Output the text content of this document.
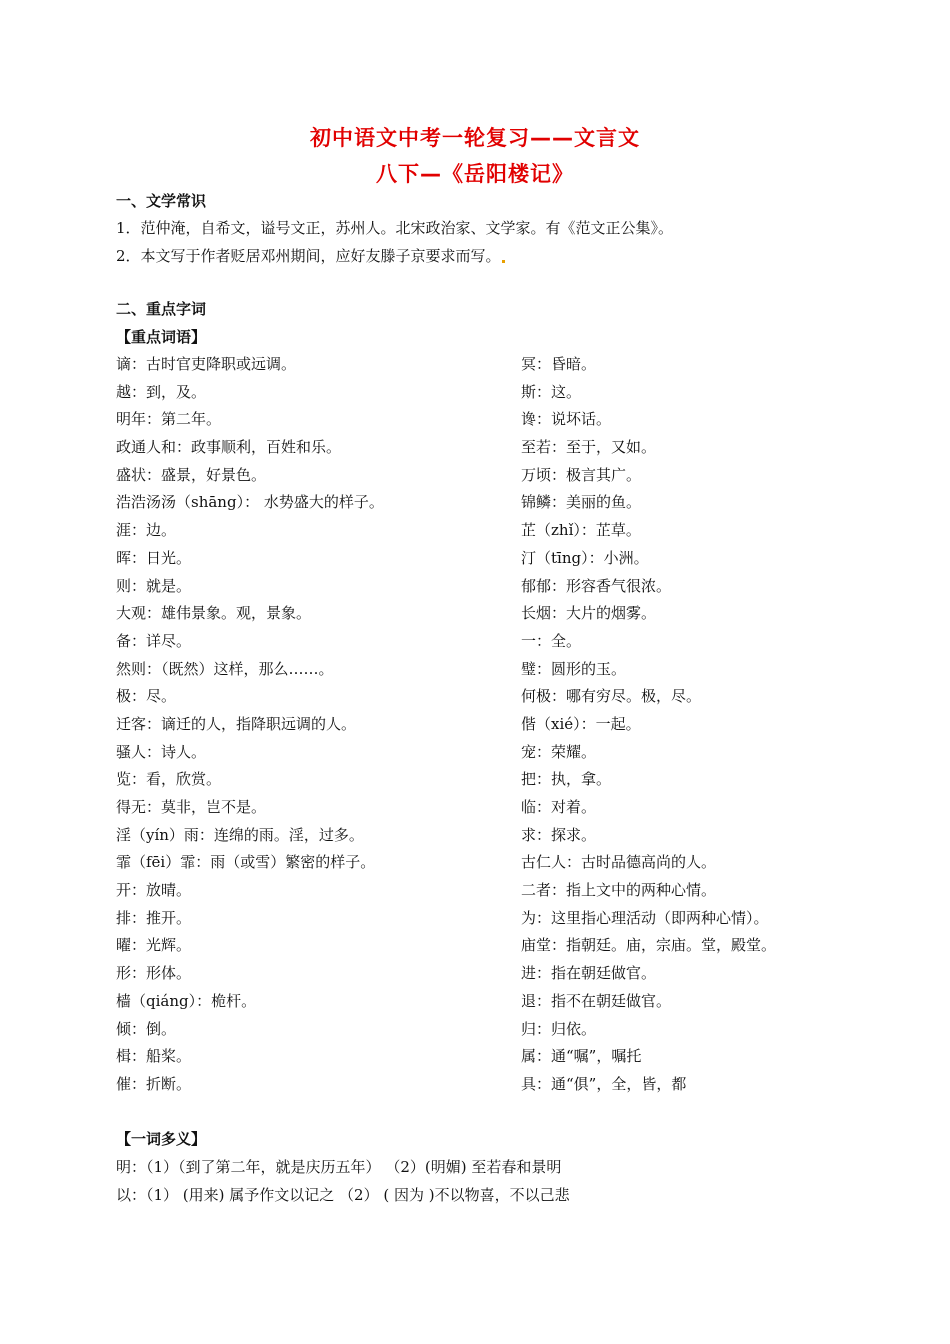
初中语文中考一轮复习——文言文
八下—《岳阳楼记》
一、文学常识
1．范仲淹，自希文，谥号文正，苏州人。北宋政治家、文学家。有《范文正公集》。
2．本文写于作者贬居邓州期间，应好友滕子京要求而写。
二、重点字词
【重点词语】
谪：古时官吏降职或远调。
越：到，及。
明年：第二年。
政通人和：政事顺利，百姓和乐。
盛状：盛景，好景色。
浩浩汤汤（shāng）： 水势盛大的样子。
涯：边。
晖：日光。
则：就是。
大观：雄伟景象。观，景象。
备：详尽。
然则：（既然）这样，那么……。
极：尽。
迁客：谪迁的人，指降职远调的人。
骚人：诗人。
览：看，欣赏。
得无：莫非，岂不是。
淫（yín）雨：连绵的雨。淫，过多。
霏（fēi）霏：雨（或雪）繁密的样子。
开：放晴。
排：推开。
曜：光辉。
形：形体。
樯（qiáng）：桅杆。
倾：倒。
楫：船桨。
催：折断。
冥：昏暗。
斯：这。
谗：说坏话。
至若：至于，又如。
万顷：极言其广。
锦鳞：美丽的鱼。
芷（zhǐ）：芷草。
汀（tīng）：小洲。
郁郁：形容香气很浓。
长烟：大片的烟雾。
一：全。
璧：圆形的玉。
何极：哪有穷尽。极，尽。
偕（xié）：一起。
宠：荣耀。
把：执，拿。
临：对着。
求：探求。
古仁人：古时品德高尚的人。
二者：指上文中的两种心情。
为：这里指心理活动（即两种心情）。
庙堂：指朝廷。庙，宗庙。堂，殿堂。
进：指在朝廷做官。
退：指不在朝廷做官。
归：归依。
属：通“嘱”，嘱托
具：通“俱”，全，皆，都
【一词多义】
明：（1）（到了第二年，就是庆历五年） （2）(明媚) 至若春和景明
以：（1） (用来) 属予作文以记之 （2） ( 因为 )不以物喜，不以己悲
